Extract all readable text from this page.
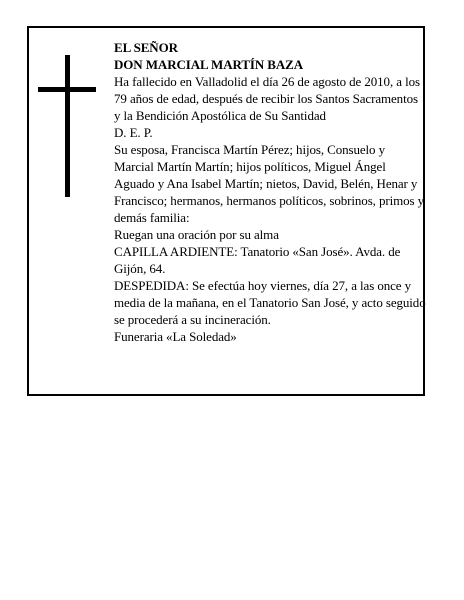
EL SEÑOR

DON MARCIAL MARTÍN BAZA

Ha fallecido en Valladolid el día 26 de agosto de 2010, a los 79 años de edad, después de recibir los Santos Sacramentos y la Bendición Apostólica de Su Santidad

D. E. P.

Su esposa, Francisca Martín Pérez; hijos, Consuelo y Marcial Martín Martín; hijos políticos, Miguel Ángel Aguado y Ana Isabel Martín; nietos, David, Belén, Henar y Francisco; hermanos, hermanos políticos, sobrinos, primos y demás familia:

Ruegan una oración por su alma

CAPILLA ARDIENTE: Tanatorio «San José». Avda. de Gijón, 64.

DESPEDIDA: Se efectúa hoy viernes, día 27, a las once y media de la mañana, en el Tanatorio San José, y acto seguido se procederá a su incineración.

Funeraria «La Soledad»
